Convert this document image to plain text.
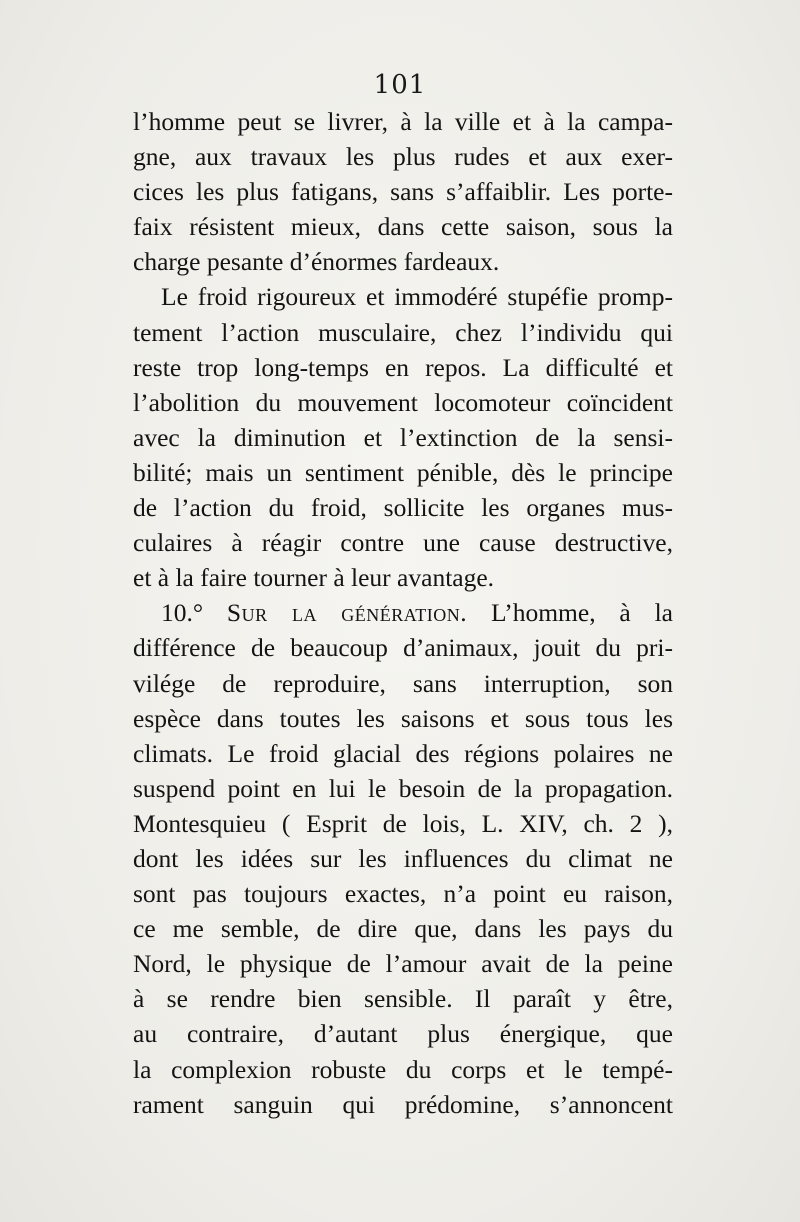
101
l’homme peut se livrer, à la ville et à la campa-
gne, aux travaux les plus rudes et aux exer-
cices les plus fatigans, sans s’affaiblir. Les porte-
faix résistent mieux, dans cette saison, sous la
charge pesante d’énormes fardeaux.
Le froid rigoureux et immodéré stupéfie promp-
tement l’action musculaire, chez l’individu qui
reste trop long-temps en repos. La difficulté et
l’abolition du mouvement locomoteur coïncident
avec la diminution et l’extinction de la sensi-
bilité; mais un sentiment pénible, dès le principe
de l’action du froid, sollicite les organes mus-
culaires à réagir contre une cause destructive,
et à la faire tourner à leur avantage.
10.° Sur la génération. L’homme, à la
différence de beaucoup d’animaux, jouit du pri-
vilége de reproduire, sans interruption, son
espèce dans toutes les saisons et sous tous les
climats. Le froid glacial des régions polaires ne
suspend point en lui le besoin de la propagation.
Montesquieu ( Esprit de lois, L. XIV, ch. 2 ),
dont les idées sur les influences du climat ne
sont pas toujours exactes, n’a point eu raison,
ce me semble, de dire que, dans les pays du
Nord, le physique de l’amour avait de la peine
à se rendre bien sensible. Il paraît y être,
au contraire, d’autant plus énergique, que
la complexion robuste du corps et le tempé-
rament sanguin qui prédomine, s’annoncent
